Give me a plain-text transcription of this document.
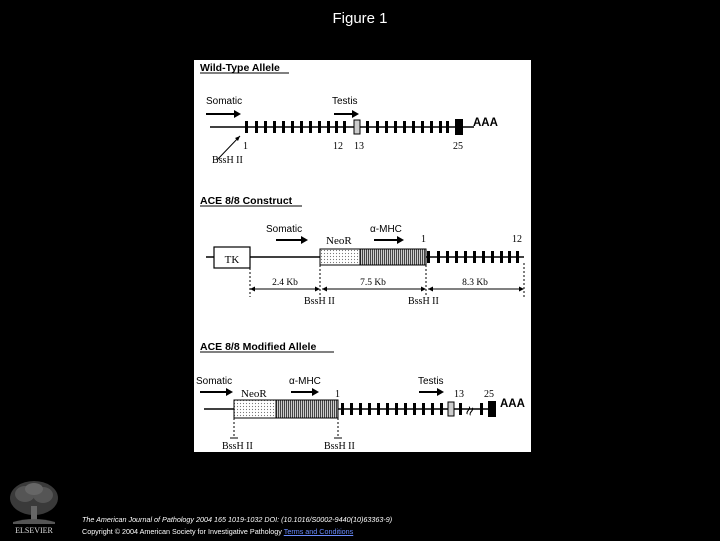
Figure 1
Wild-Type Allele
Somatic	Testis
AAA
1	12 13	25
BssH II
ACE 8/8 Construct
Somatic	α-MHC
NeoR
TK
1	12
2.4 Kb	7.5 Kb	8.3 Kb
BssH II	BssH II
ACE 8/8 Modified Allele
Somatic	α-MHC	Testis
1	13 25
NeoR
≈
AAA
BssH II	BssH II
ELSEVIER
The American Journal of Pathology 2004 165 1019-1032 DOI: (10.1016/S0002-9440(10)63363-9)
Copyright © 2004 American Society for Investigative Pathology Terms and Conditions
